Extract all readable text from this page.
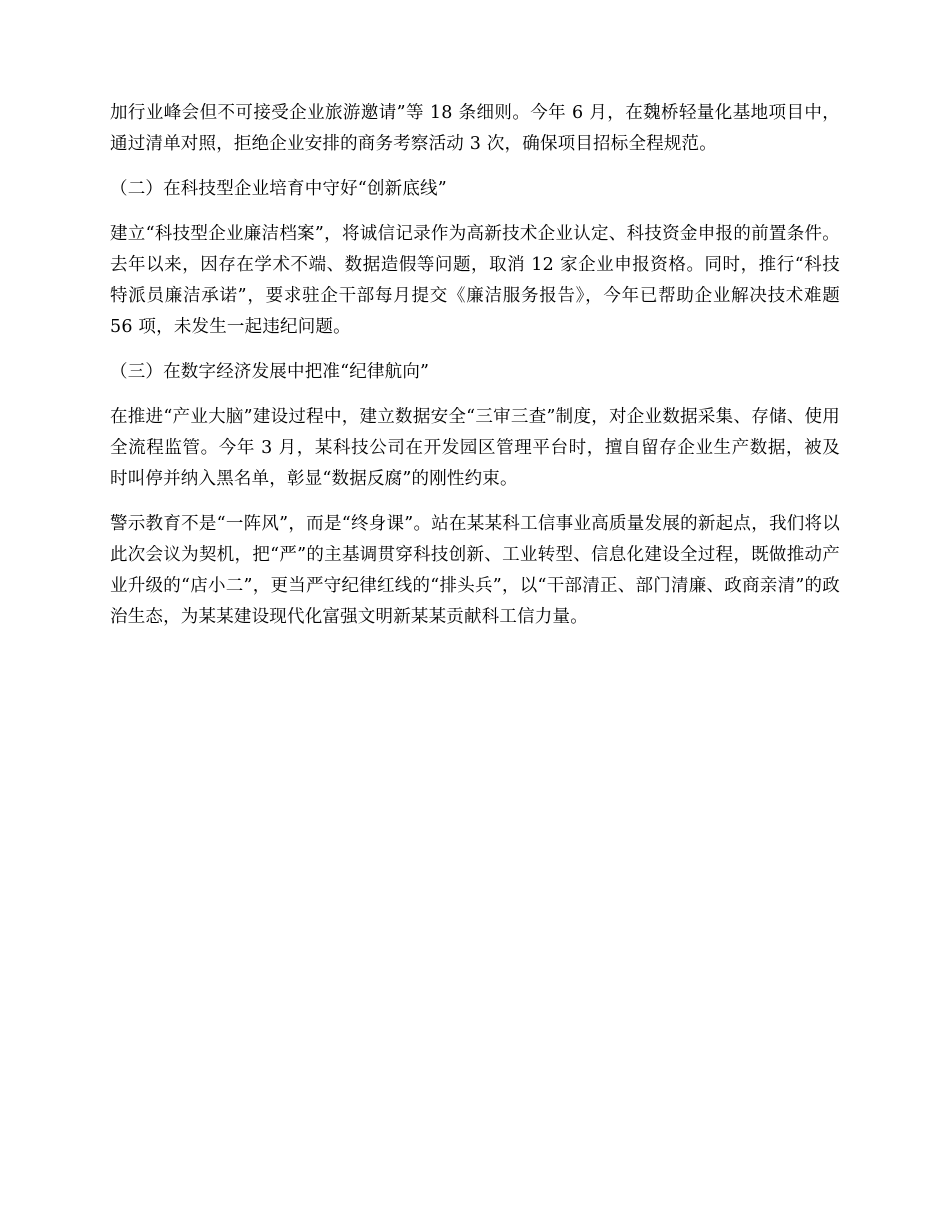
加行业峰会但不可接受企业旅游邀请”等 18 条细则。今年 6 月，在魏桥轻量化基地项目中，通过清单对照，拒绝企业安排的商务考察活动 3 次，确保项目招标全程规范。

（二）在科技型企业培育中守好“创新底线”

建立“科技型企业廉洁档案”，将诚信记录作为高新技术企业认定、科技资金申报的前置条件。去年以来，因存在学术不端、数据造假等问题，取消 12 家企业申报资格。同时，推行“科技特派员廉洁承诺”，要求驻企干部每月提交《廉洁服务报告》，今年已帮助企业解决技术难题 56 项，未发生一起违纪问题。

（三）在数字经济发展中把准“纪律航向”

在推进“产业大脑”建设过程中，建立数据安全“三审三查”制度，对企业数据采集、存储、使用全流程监管。今年 3 月，某科技公司在开发园区管理平台时，擅自留存企业生产数据，被及时叫停并纳入黑名单，彰显“数据反腐”的刚性约束。

警示教育不是“一阵风”，而是“终身课”。站在某某科工信事业高质量发展的新起点，我们将以此次会议为契机，把“严”的主基调贯穿科技创新、工业转型、信息化建设全过程，既做推动产业升级的“店小二”，更当严守纪律红线的“排头兵”，以“干部清正、部门清廉、政商亲清”的政治生态，为某某建设现代化富强文明新某某贡献科工信力量。
